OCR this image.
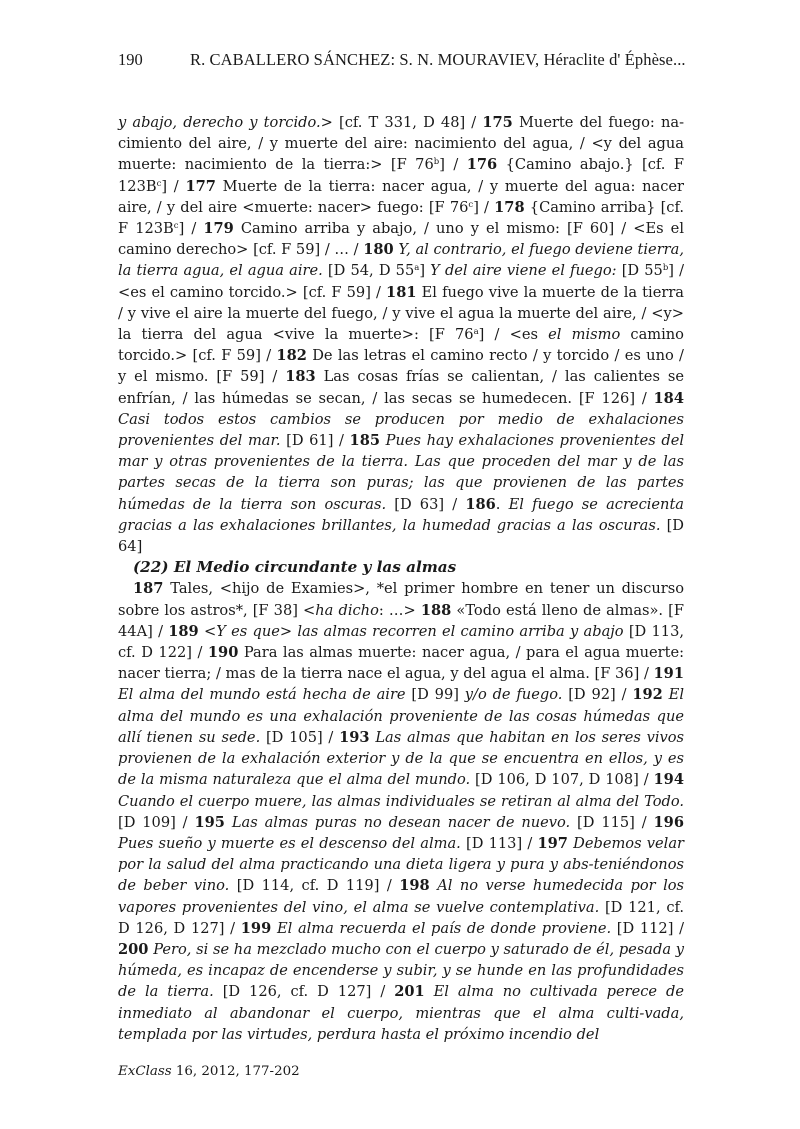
190	R. CABALLERO SÁNCHEZ: S. N. MOURAVIEV, Héraclite d' Éphèse...

y abajo, derecho y torcido.> [cf. T 331, D 48] / 175 Muerte del fuego: na-cimiento del aire, / y muerte del aire: nacimiento del agua, / <y del agua muerte: nacimiento de la tierra:> [F 76$^b$] / 176 {Camino abajo.} [cf. F $123B^c] / 177$ Muerte de la tierra: nacer agua, / y muerte del agua: nacer aire, / y del aire <muerte: nacer> fuego: [F 76$^c$] / 178 {Camino arriba} [cf. F $123B^c] / 179$ Camino arriba y abajo, / uno y el mismo: [F 60] / <Es el camino derecho> [cf. F 59] / … / 180 Y, al contrario, el fuego deviene tierra, la tierra agua, el agua aire. [D 54, D 55$^a$] Y del aire viene el fuego: [D 55$^b$] / <es el camino torcido.> [cf. F 59] / 181 El fuego vive la muerte de la tierra / y vive el aire la muerte del fuego, / y vive el agua la muerte del aire, / <y> la tierra del agua <vive la muerte>: [F 76$^a$] / <es el mismo camino torcido.> [cf. F 59] / 182 De las letras el camino recto / y torcido / es uno / y el mismo. [F 59] / 183 Las cosas frías se calientan, / las calientes se enfrían, / las húmedas se secan, / las secas se humedecen. [F 126] / 184 Casi todos estos cambios se producen por medio de exhalaciones provenientes del mar. [D 61] / 185 Pues hay exhalaciones provenientes del mar y otras provenientes de la tierra. Las que proceden del mar y de las partes secas de la tierra son puras; las que provienen de las partes húmedas de la tierra son oscuras. [D 63] / 186. El fuego se acrecienta gracias a las exhalaciones brillantes, la humedad gracias a las oscuras. [D 64]

(22) El Medio circundante y las almas

187 Tales, <hijo de Examies>, *el primer hombre en tener un discurso sobre los astros*, [F 38] <ha dicho: …> 188 «Todo está lleno de almas». [F 44A] / 189 <Y es que> las almas recorren el camino arriba y abajo [D 113, cf. D 122] / 190 Para las almas muerte: nacer agua, / para el agua muerte: nacer tierra; / mas de la tierra nace el agua, y del agua el alma. [F 36] / 191 El alma del mundo está hecha de aire [D 99] y/o de fuego. [D 92] / 192 El alma del mundo es una exhalación proveniente de las cosas húmedas que allí tienen su sede. [D 105] / 193 Las almas que habitan en los seres vivos provienen de la exhalación exterior y de la que se encuentra en ellos, y es de la misma naturaleza que el alma del mundo. [D 106, D 107, D 108] / 194 Cuando el cuerpo muere, las almas individuales se retiran al alma del Todo. [D 109] / 195 Las almas puras no desean nacer de nuevo. [D 115] / 196 Pues sueño y muerte es el descenso del alma. [D 113] / 197 Debemos velar por la salud del alma practicando una dieta ligera y pura y abs-teniéndonos de beber vino. [D 114, cf. D 119] / 198 Al no verse humedecida por los vapores provenientes del vino, el alma se vuelve contemplativa. [D 121, cf. D 126, D 127] / 199 El alma recuerda el país de donde proviene. [D 112] / 200 Pero, si se ha mezclado mucho con el cuerpo y saturado de él, pesada y húmeda, es incapaz de encenderse y subir, y se hunde en las profundidades de la tierra. [D 126, cf. D 127] / 201 El alma no cultivada perece de inmediato al abandonar el cuerpo, mientras que el alma culti-vada, templada por las virtudes, perdura hasta el próximo incendio del

ExClass 16, 2012, 177-202
